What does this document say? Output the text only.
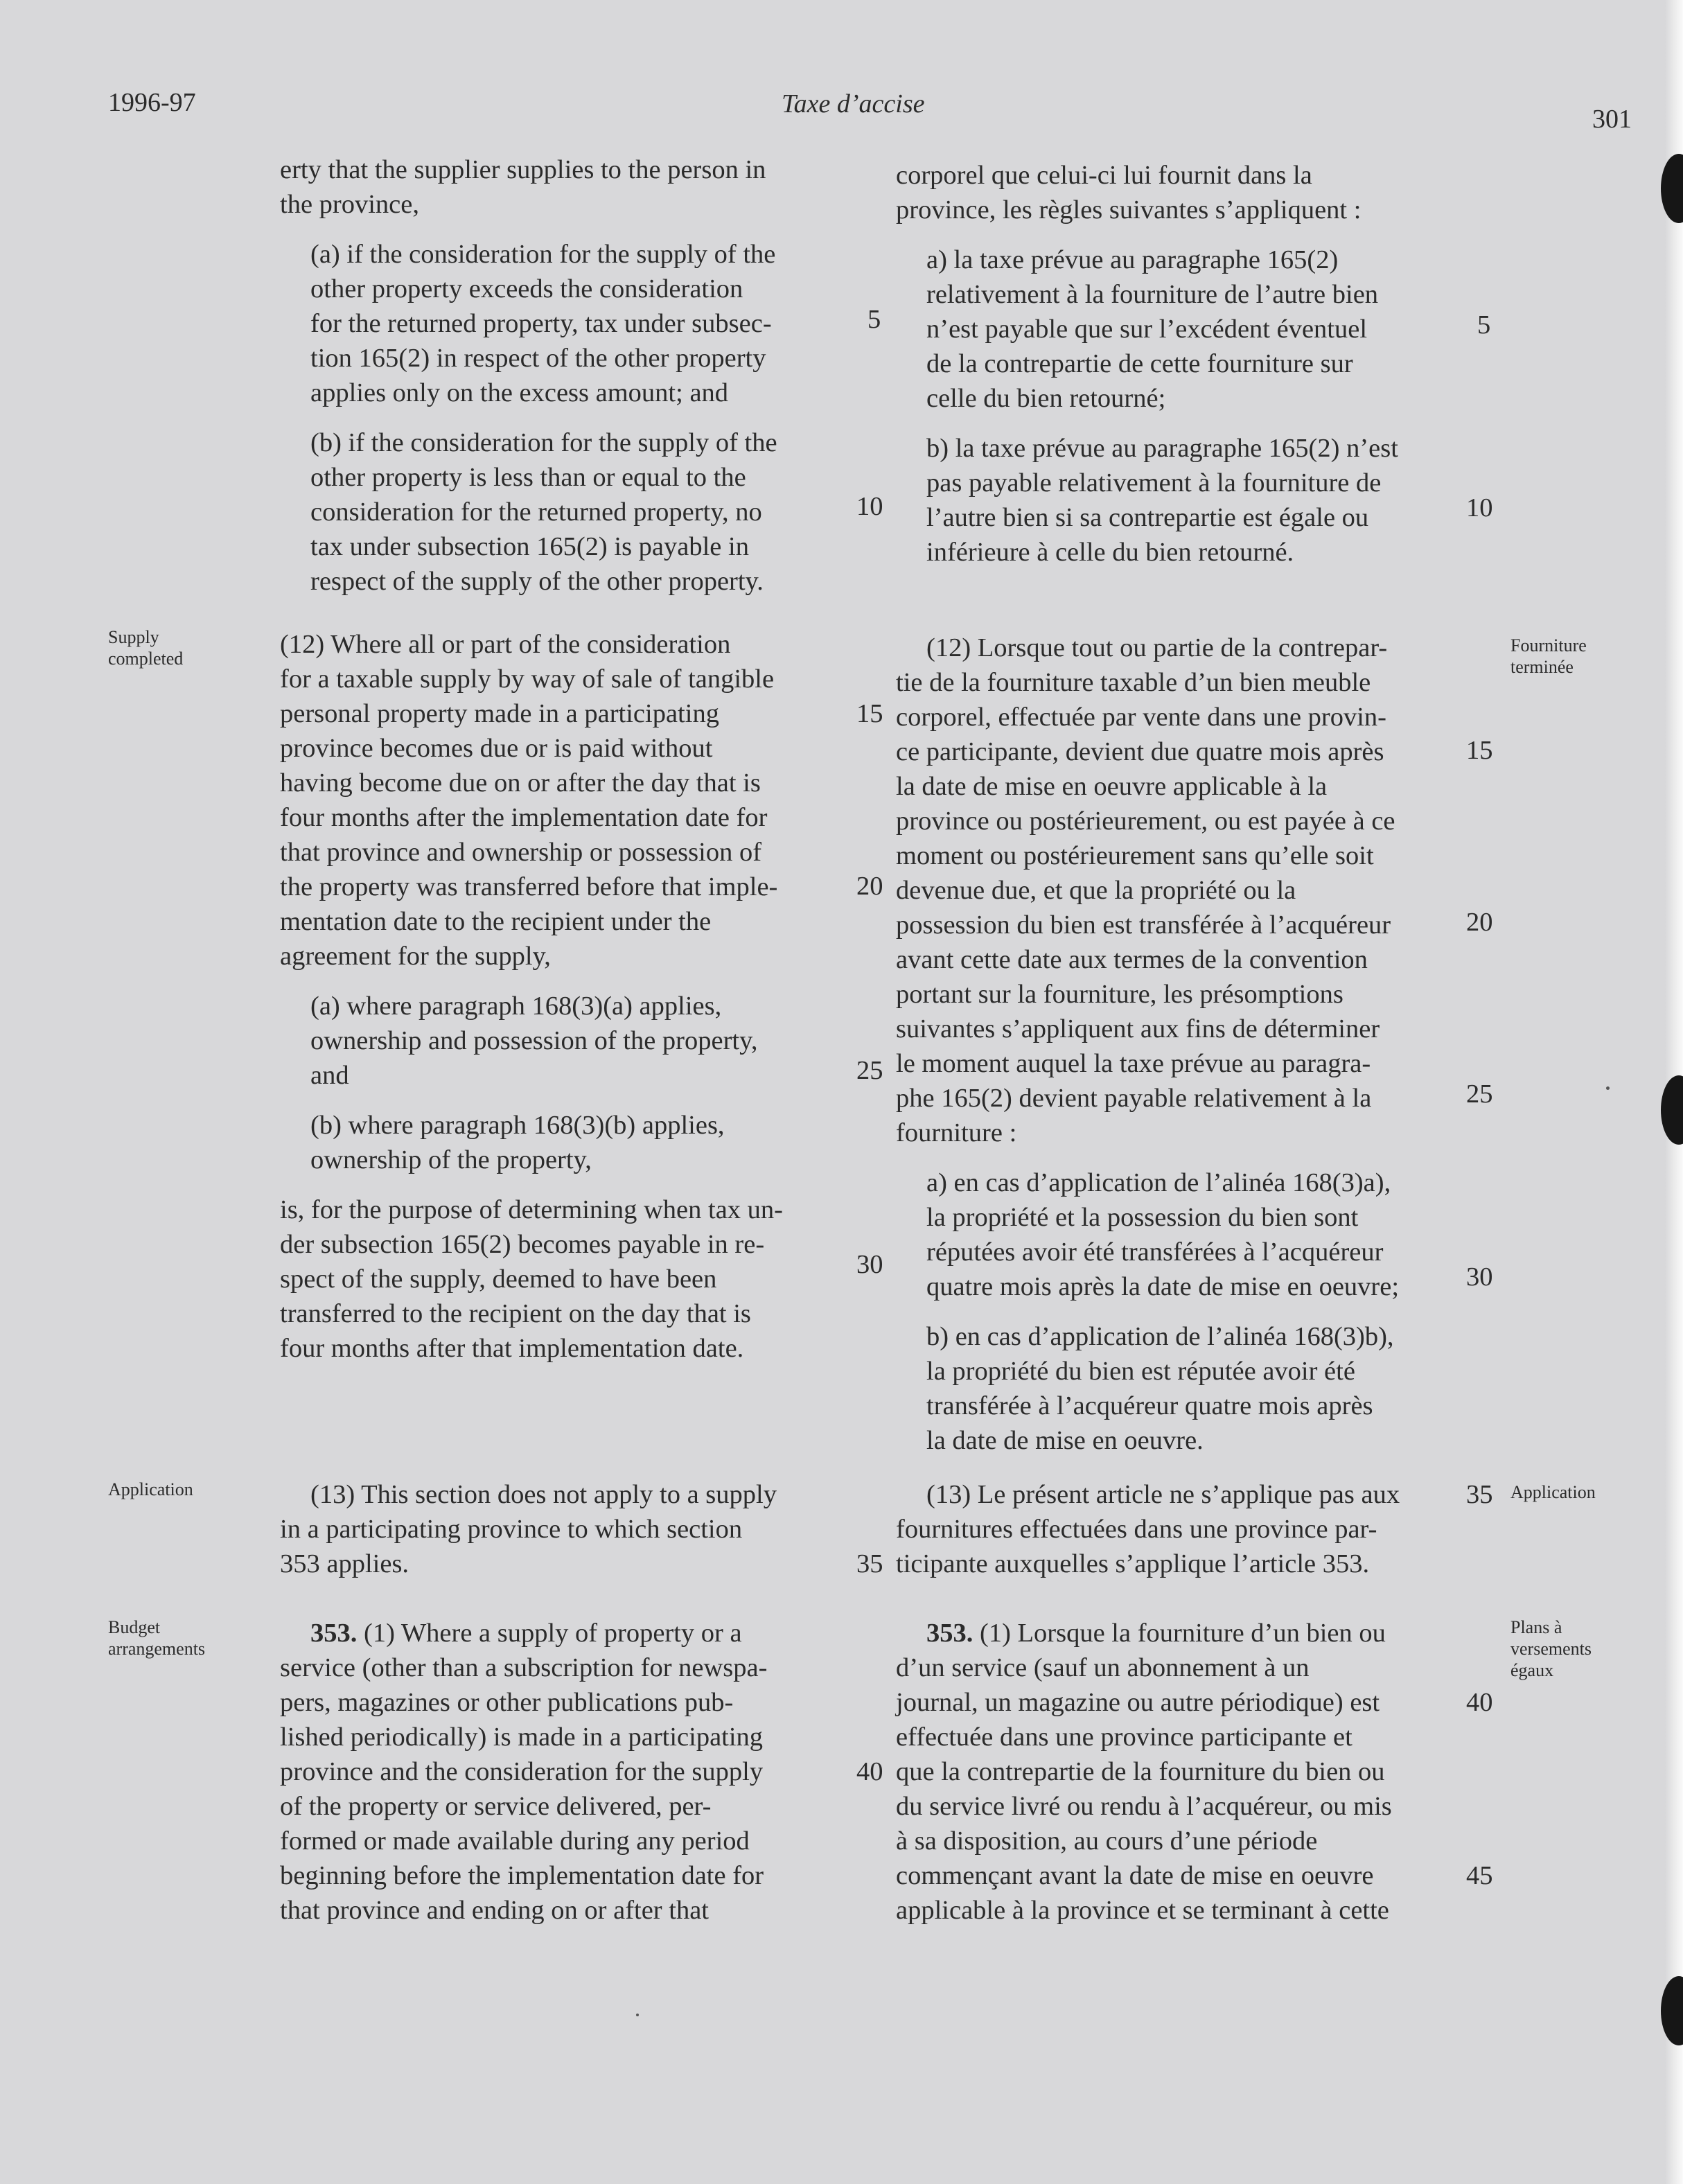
1996-97	Taxe d’accise
301
Supply
completed
Application
Budget
arrangements
Fourniture
terminée
Application
Plans à
versements
égaux

erty that the supplier supplies to the person in
the province,

(a) if the consideration for the supply of the
other property exceeds the consideration
for the returned property, tax under subsec-
tion 165(2) in respect of the other property
applies only on the excess amount; and

(b) if the consideration for the supply of the
other property is less than or equal to the
consideration for the returned property, no
tax under subsection 165(2) is payable in
respect of the supply of the other property.

(12) Where all or part of the consideration
for a taxable supply by way of sale of tangible
personal property made in a participating
province becomes due or is paid without
having become due on or after the day that is
four months after the implementation date for
that province and ownership or possession of
the property was transferred before that imple-
mentation date to the recipient under the
agreement for the supply,

(a) where paragraph 168(3)(a) applies,
ownership and possession of the property,
and

(b) where paragraph 168(3)(b) applies,
ownership of the property,

is, for the purpose of determining when tax un-
der subsection 165(2) becomes payable in re-
spect of the supply, deemed to have been
transferred to the recipient on the day that is
four months after that implementation date.

(13) This section does not apply to a supply
in a participating province to which section
353 applies.

353. (1) Where a supply of property or a
service (other than a subscription for newspa-
pers, magazines or other publications pub-
lished periodically) is made in a participating
province and the consideration for the supply
of the property or service delivered, per-
formed or made available during any period
beginning before the implementation date for
that province and ending on or after that

corporel que celui-ci lui fournit dans la
province, les règles suivantes s’appliquent :

a) la taxe prévue au paragraphe 165(2)
relativement à la fourniture de l’autre bien
n’est payable que sur l’excédent éventuel
de la contrepartie de cette fourniture sur
celle du bien retourné;

b) la taxe prévue au paragraphe 165(2) n’est
pas payable relativement à la fourniture de
l’autre bien si sa contrepartie est égale ou
inférieure à celle du bien retourné.

(12) Lorsque tout ou partie de la contrepar-
tie de la fourniture taxable d’un bien meuble
corporel, effectuée par vente dans une provin-
ce participante, devient due quatre mois après
la date de mise en oeuvre applicable à la
province ou postérieurement, ou est payée à ce
moment ou postérieurement sans qu’elle soit
devenue due, et que la propriété ou la
possession du bien est transférée à l’acquéreur
avant cette date aux termes de la convention
portant sur la fourniture, les présomptions
suivantes s’appliquent aux fins de déterminer
le moment auquel la taxe prévue au paragra-
phe 165(2) devient payable relativement à la
fourniture :

a) en cas d’application de l’alinéa 168(3)a),
la propriété et la possession du bien sont
réputées avoir été transférées à l’acquéreur
quatre mois après la date de mise en oeuvre;

b) en cas d’application de l’alinéa 168(3)b),
la propriété du bien est réputée avoir été
transférée à l’acquéreur quatre mois après
la date de mise en oeuvre.

(13) Le présent article ne s’applique pas aux
fournitures effectuées dans une province par-
ticipante auxquelles s’applique l’article 353.

353. (1) Lorsque la fourniture d’un bien ou
d’un service (sauf un abonnement à un
journal, un magazine ou autre périodique) est
effectuée dans une province participante et
que la contrepartie de la fourniture du bien ou
du service livré ou rendu à l’acquéreur, ou mis
à sa disposition, au cours d’une période
commençant avant la date de mise en oeuvre
applicable à la province et se terminant à cette

5
10
15
20
25
30
35
40
5
10
15
20
25
30
35
40
45
